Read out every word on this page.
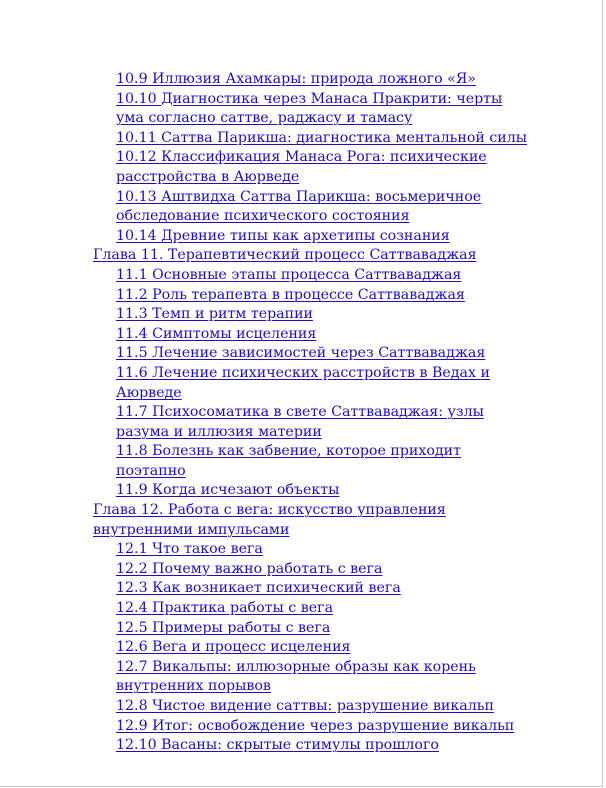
10.9 Иллюзия Ахамкары: природа ложного «Я»
10.10 Диагностика через Манаса Пракрити: черты ума согласно саттве, раджасу и тамасу
10.11 Саттва Парикша: диагностика ментальной силы
10.12 Классификация Манаса Рога: психические расстройства в Аюрведе
10.13 Аштвидха Саттва Парикша: восьмеричное обследование психического состояния
10.14 Древние типы как архетипы сознания
Глава 11. Терапевтический процесс Саттваваджая
11.1 Основные этапы процесса Саттваваджая
11.2 Роль терапевта в процессе Саттваваджая
11.3 Темп и ритм терапии
11.4 Симптомы исцеления
11.5 Лечение зависимостей через Саттваваджая
11.6 Лечение психических расстройств в Ведах и Аюрведе
11.7 Психосоматика в свете Саттваваджая: узлы разума и иллюзия материи
11.8 Болезнь как забвение, которое приходит поэтапно
11.9 Когда исчезают объекты
Глава 12. Работа с вега: искусство управления внутренними импульсами
12.1 Что такое вега
12.2 Почему важно работать с вега
12.3 Как возникает психический вега
12.4 Практика работы с вега
12.5 Примеры работы с вега
12.6 Вега и процесс исцеления
12.7 Викальпы: иллюзорные образы как корень внутренних порывов
12.8 Чистое видение саттвы: разрушение викальп
12.9 Итог: освобождение через разрушение викальп
12.10 Васаны: скрытые стимулы прошлого
